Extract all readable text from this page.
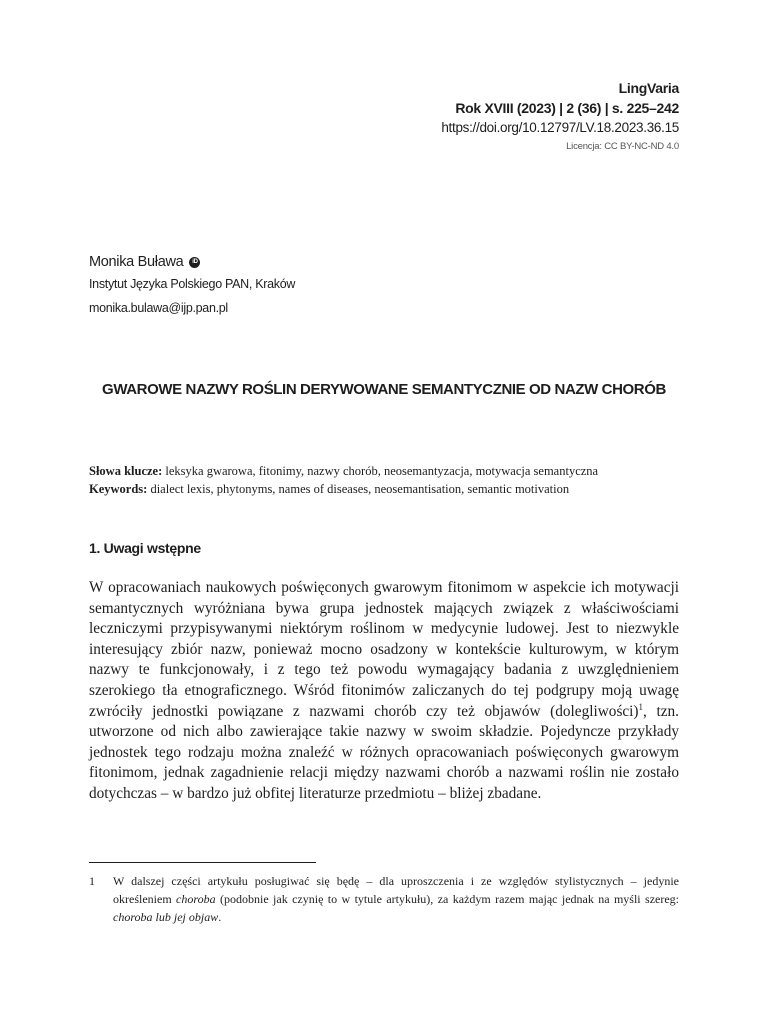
LingVaria
Rok XVIII (2023) | 2 (36) | s. 225–242
https://doi.org/10.12797/LV.18.2023.36.15
Licencja: CC BY-NC-ND 4.0
Monika Buława	iD
Instytut Języka Polskiego PAN, Kraków
monika.bulawa@ijp.pan.pl
GWAROWE NAZWY ROŚLIN DERYWOWANE SEMANTYCZNIE OD NAZW CHORÓB
Słowa klucze: leksyka gwarowa, fitonimy, nazwy chorób, neosemantyzacja, motywacja semantyczna
Keywords: dialect lexis, phytonyms, names of diseases, neosemantisation, semantic motivation
1. Uwagi wstępne
W opracowaniach naukowych poświęconych gwarowym fitonimom w aspekcie ich motywacji semantycznych wyróżniana bywa grupa jednostek mających związek z właściwościami leczniczymi przypisywanymi niektórym roślinom w medycynie ludowej. Jest to niezwykle interesujący zbiór nazw, ponieważ mocno osadzony w kontekście kulturowym, w którym nazwy te funkcjonowały, i z tego też powodu wymagający badania z uwzględnieniem szerokiego tła etnograficznego. Wśród fitonimów zaliczanych do tej podgrupy moją uwagę zwróciły jednostki powiązane z nazwami chorób czy też objawów (dolegliwości)$^1$, tzn. utworzone od nich albo zawierające takie nazwy w swoim składzie. Pojedyncze przykłady jednostek tego rodzaju można znaleźć w różnych opracowaniach poświęconych gwarowym fitonimom, jednak zagadnienie relacji między nazwami chorób a nazwami roślin nie zostało dotychczas – w bardzo już obfitej literaturze przedmiotu – bliżej zbadane.
1	W dalszej części artykułu posługiwać się będę – dla uproszczenia i ze względów stylistycznych – jedynie określeniem choroba (podobnie jak czynię to w tytule artykułu), za każdym razem mając jednak na myśli szereg: choroba lub jej objaw.
